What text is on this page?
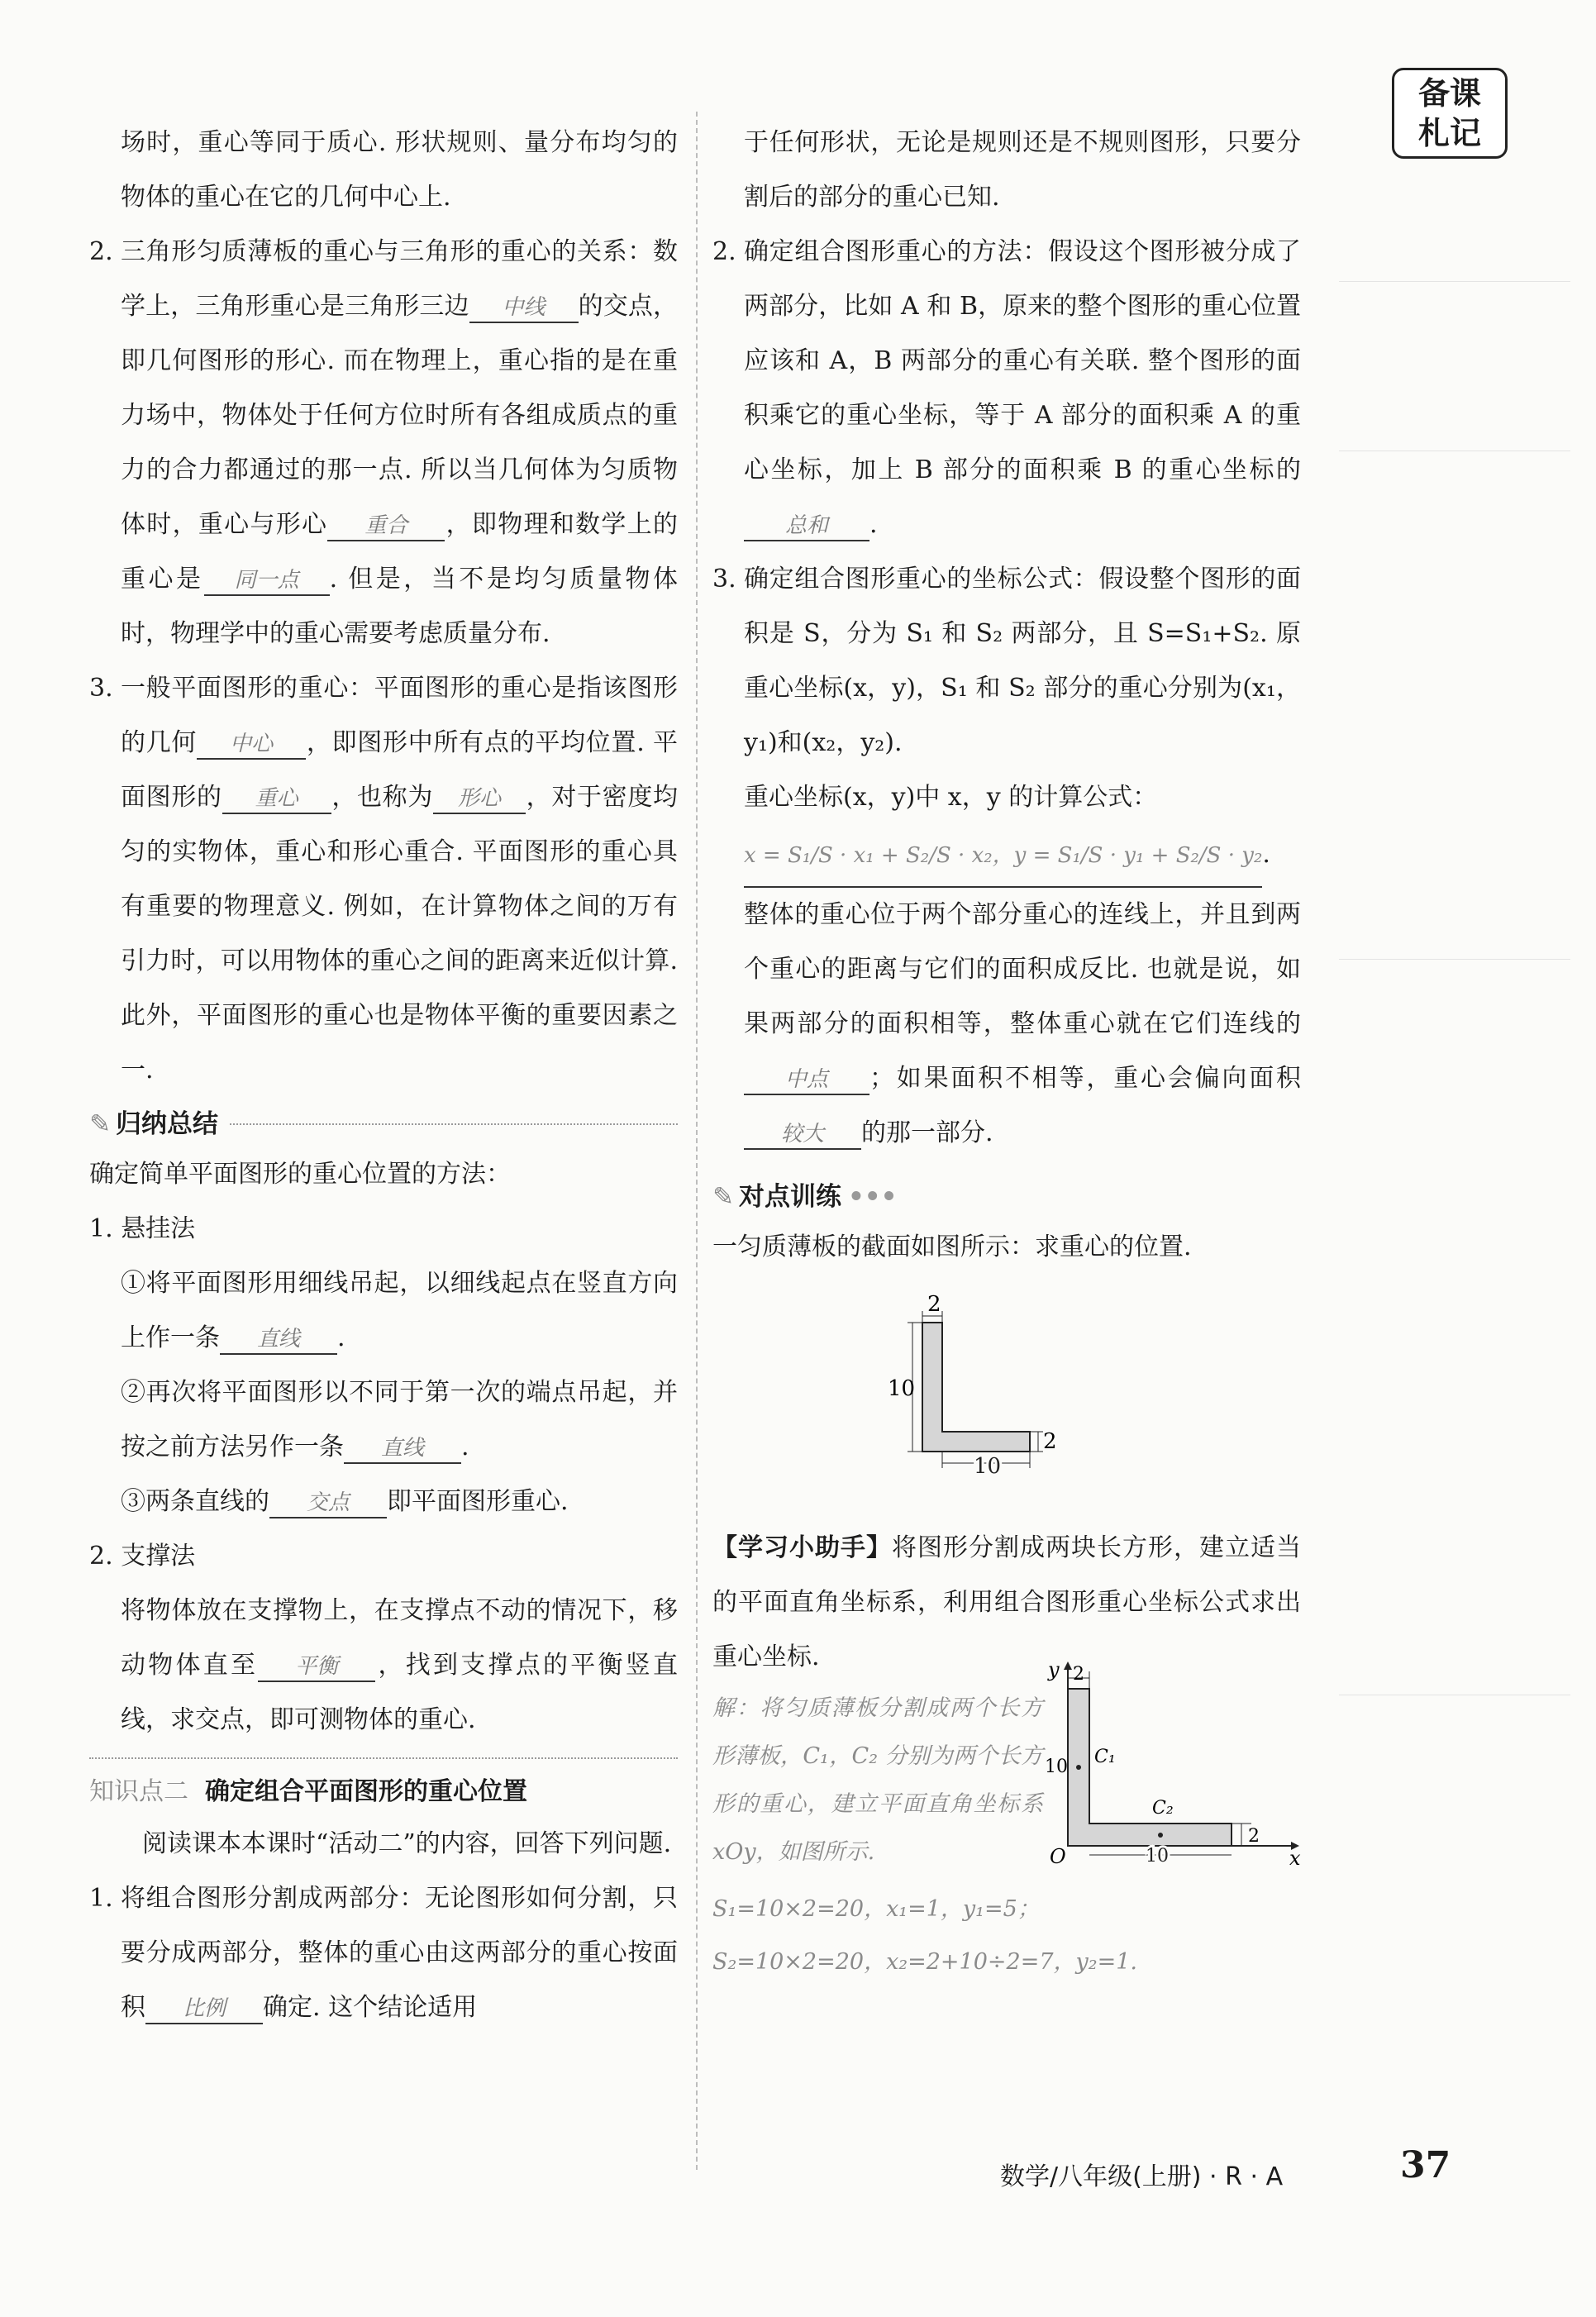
备课
札记

场时，重心等同于质心. 形状规则、量分布均匀的物体的重心在它的几何中心上.

2. 三角形匀质薄板的重心与三角形的重心的关系：数学上，三角形重心是三角形三边 中线 的交点，即几何图形的形心. 而在物理上，重心指的是在重力场中，物体处于任何方位时所有各组成质点的重力的合力都通过的那一点. 所以当几何体为匀质物体时，重心与形心 重合 ，即物理和数学上的重心是 同一点 . 但是，当不是均匀质量物体时，物理学中的重心需要考虑质量分布.

3. 一般平面图形的重心：平面图形的重心是指该图形的几何 中心 ，即图形中所有点的平均位置. 平面图形的 重心 ，也称为 形心 ，对于密度均匀的实物体，重心和形心重合. 平面图形的重心具有重要的物理意义. 例如，在计算物体之间的万有引力时，可以用物体的重心之间的距离来近似计算. 此外，平面图形的重心也是物体平衡的重要因素之一.

✎ 归纳总结

确定简单平面图形的重心位置的方法：

1. 悬挂法

①将平面图形用细线吊起，以细线起点在竖直方向上作一条 直线 .

②再次将平面图形以不同于第一次的端点吊起，并按之前方法另作一条 直线 .

③两条直线的 交点 即平面图形重心.

2. 支撑法

将物体放在支撑物上，在支撑点不动的情况下，移动物体直至 平衡 ，找到支撑点的平衡竖直线，求交点，即可测物体的重心.

知识点二 确定组合平面图形的重心位置

阅读课本本课时“活动二”的内容，回答下列问题.

1. 将组合图形分割成两部分：无论图形如何分割，只要分成两部分，整体的重心由这两部分的重心按面积 比例 确定. 这个结论适用

于任何形状，无论是规则还是不规则图形，只要分割后的部分的重心已知.

2. 确定组合图形重心的方法：假设这个图形被分成了两部分，比如 A 和 B，原来的整个图形的重心位置应该和 A，B 两部分的重心有关联. 整个图形的面积乘它的重心坐标，等于 A 部分的面积乘 A 的重心坐标，加上 B 部分的面积乘 B 的重心坐标的总和 .

3. 确定组合图形重心的坐标公式：假设整个图形的面积是 S，分为 S₁ 和 S₂ 两部分，且 S=S₁+S₂. 原重心坐标(x，y)，S₁ 和 S₂ 部分的重心分别为(x₁，y₁)和(x₂，y₂).

重心坐标(x，y)中 x，y 的计算公式：

x = S₁/S · x₁ + S₂/S · x₂，y = S₁/S · y₁ + S₂/S · y₂.

整体的重心位于两个部分重心的连线上，并且到两个重心的距离与它们的面积成反比. 也就是说，如果两部分的面积相等，整体重心就在它们连线的中点 ；如果面积不相等，重心会偏向面积较大 的那一部分.

✎ 对点训练 •••

一匀质薄板的截面如图所示：求重心的位置.

2
10
2
10

【学习小助手】将图形分割成两块长方形，建立适当的平面直角坐标系，利用组合图形重心坐标公式求出重心坐标.

解：将匀质薄板分割成两个长方形薄板，C₁，C₂ 分别为两个长方形的重心，建立平面直角坐标系 xOy，如图所示.

y
x
O
2
10 C₁
C₂
2
10

S₁=10×2=20，x₁=1，y₁=5；

S₂=10×2=20，x₂=2+10÷2=7，y₂=1.

数学/八年级(上册) · R · A	37
